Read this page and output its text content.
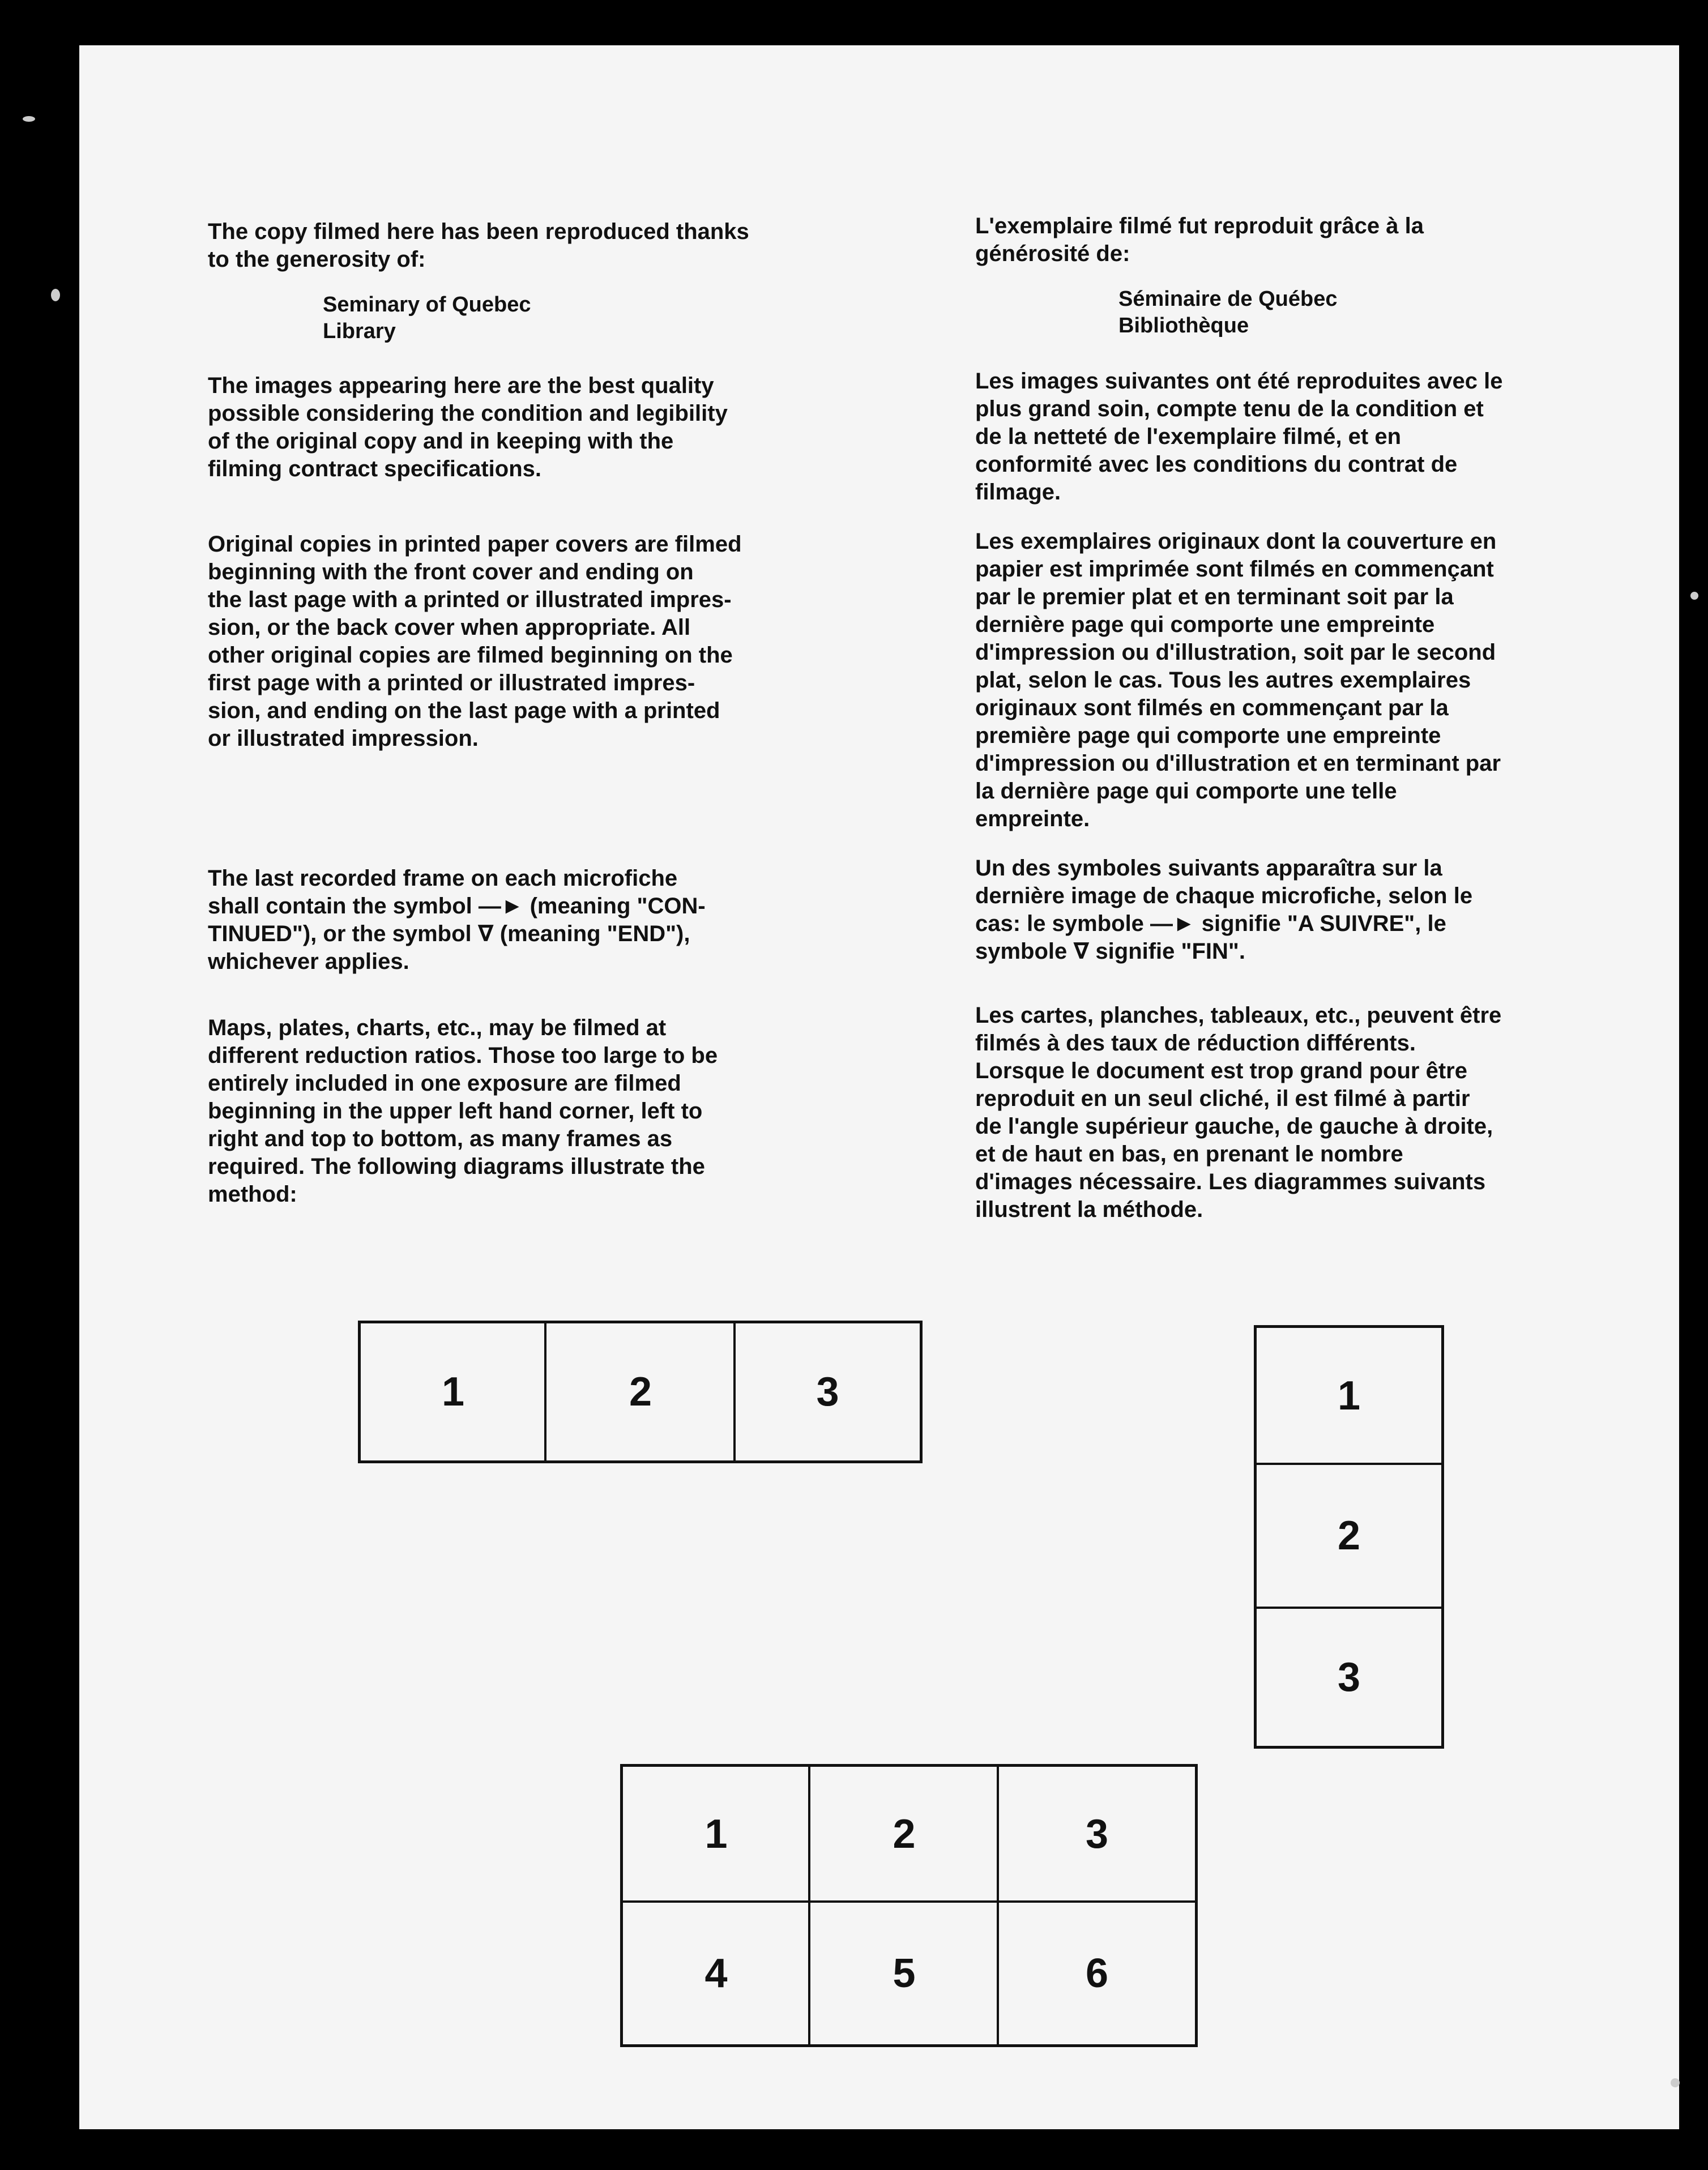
The copy filmed here has been reproduced thanks
to the generosity of:

Seminary of Quebec

Library

The images appearing here are the best quality
possible considering the condition and legibility
of the original copy and in keeping with the
filming contract specifications.

Original copies in printed paper covers are filmed
beginning with the front cover and ending on
the last page with a printed or illustrated impres-
sion, or the back cover when appropriate. All
other original copies are filmed beginning on the
first page with a printed or illustrated impres-
sion, and ending on the last page with a printed
or illustrated impression.

The last recorded frame on each microfiche
shall contain the symbol —► (meaning "CON-
TINUED"), or the symbol ∇ (meaning "END"),
whichever applies.

Maps, plates, charts, etc., may be filmed at
different reduction ratios. Those too large to be
entirely included in one exposure are filmed
beginning in the upper left hand corner, left to
right and top to bottom, as many frames as
required. The following diagrams illustrate the
method:

L'exemplaire filmé fut reproduit grâce à la
générosité de:

Séminaire de Québec

Bibliothèque

Les images suivantes ont été reproduites avec le
plus grand soin, compte tenu de la condition et
de la netteté de l'exemplaire filmé, et en
conformité avec les conditions du contrat de
filmage.

Les exemplaires originaux dont la couverture en
papier est imprimée sont filmés en commençant
par le premier plat et en terminant soit par la
dernière page qui comporte une empreinte
d'impression ou d'illustration, soit par le second
plat, selon le cas. Tous les autres exemplaires
originaux sont filmés en commençant par la
première page qui comporte une empreinte
d'impression ou d'illustration et en terminant par
la dernière page qui comporte une telle
empreinte.

Un des symboles suivants apparaîtra sur la
dernière image de chaque microfiche, selon le
cas: le symbole —► signifie "A SUIVRE", le
symbole ∇ signifie "FIN".

Les cartes, planches, tableaux, etc., peuvent être
filmés à des taux de réduction différents.
Lorsque le document est trop grand pour être
reproduit en un seul cliché, il est filmé à partir
de l'angle supérieur gauche, de gauche à droite,
et de haut en bas, en prenant le nombre
d'images nécessaire. Les diagrammes suivants
illustrent la méthode.

1	2	3	1
2
3
1	2	3
4	5	6
